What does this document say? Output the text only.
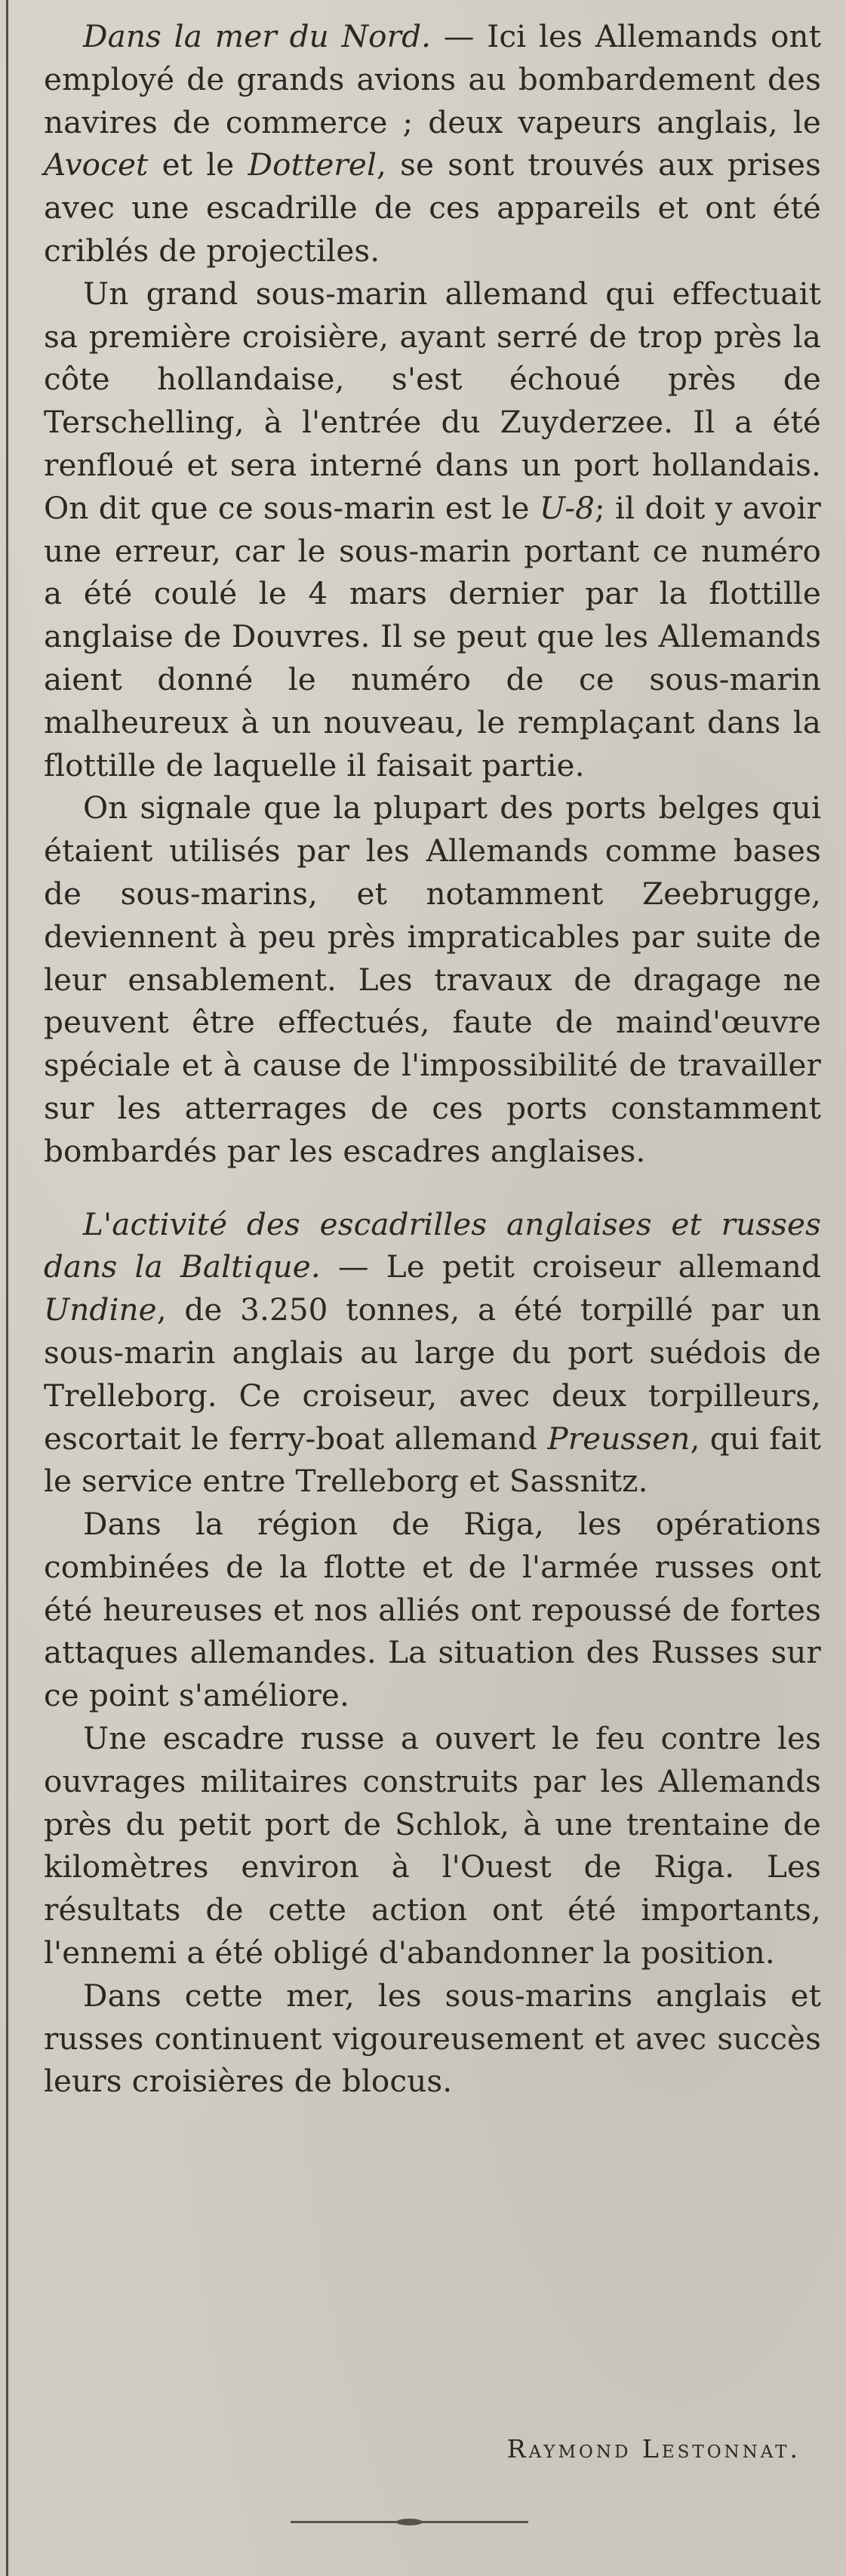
Dans la mer du Nord. — Ici les Allemands ont employé de grands avions au bombardement des navires de commerce ; deux vapeurs anglais, le Avocet et le Dotterel, se sont trouvés aux prises avec une escadrille de ces appareils et ont été criblés de projectiles.

Un grand sous-marin allemand qui effectuait sa première croisière, ayant serré de trop près la côte hollandaise, s'est échoué près de Terschelling, à l'entrée du Zuyderzee. Il a été renfloué et sera interné dans un port hollandais. On dit que ce sous-marin est le U-8; il doit y avoir une erreur, car le sous-marin portant ce numéro a été coulé le 4 mars dernier par la flottille anglaise de Douvres. Il se peut que les Allemands aient donné le numéro de ce sous-marin malheureux à un nouveau, le remplaçant dans la flottille de laquelle il faisait partie.

On signale que la plupart des ports belges qui étaient utilisés par les Allemands comme bases de sous-marins, et notamment Zeebrugge, deviennent à peu près impraticables par suite de leur ensablement. Les travaux de dragage ne peuvent être effectués, faute de maind'œuvre spéciale et à cause de l'impossibilité de travailler sur les atterrages de ces ports constamment bombardés par les escadres anglaises.

L'activité des escadrilles anglaises et russes dans la Baltique. — Le petit croiseur allemand Undine, de 3.250 tonnes, a été torpillé par un sous-marin anglais au large du port suédois de Trelleborg. Ce croiseur, avec deux torpilleurs, escortait le ferry-boat allemand Preussen, qui fait le service entre Trelleborg et Sassnitz.

Dans la région de Riga, les opérations combinées de la flotte et de l'armée russes ont été heureuses et nos alliés ont repoussé de fortes attaques allemandes. La situation des Russes sur ce point s'améliore.

Une escadre russe a ouvert le feu contre les ouvrages militaires construits par les Allemands près du petit port de Schlok, à une trentaine de kilomètres environ à l'Ouest de Riga. Les résultats de cette action ont été importants, l'ennemi a été obligé d'abandonner la position.

Dans cette mer, les sous-marins anglais et russes continuent vigoureusement et avec succès leurs croisières de blocus.

Raymond Lestonnat.
